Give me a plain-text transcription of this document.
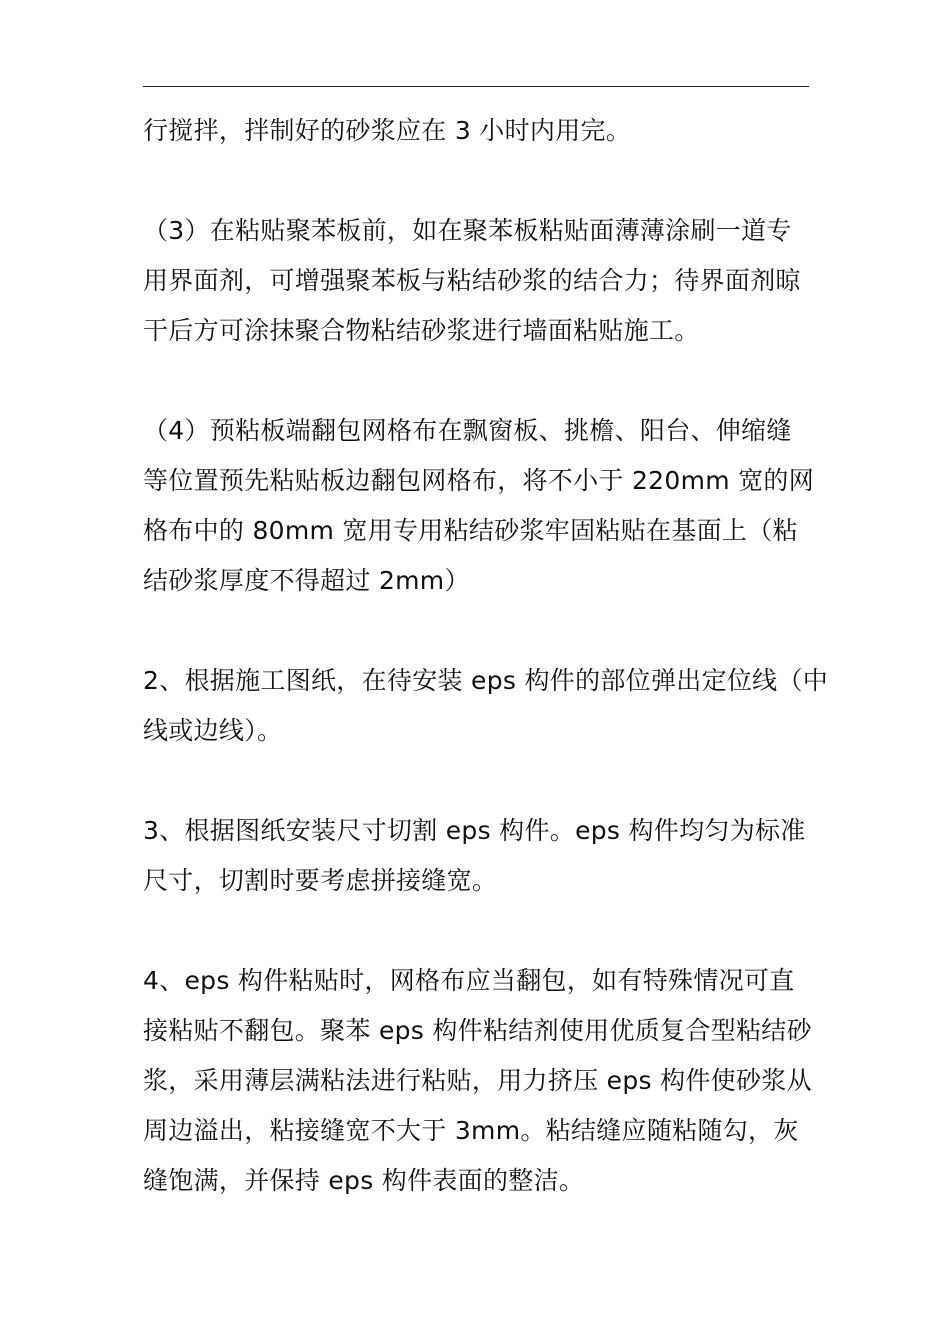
行搅拌，拌制好的砂浆应在 3 小时内用完。

（3）在粘贴聚苯板前，如在聚苯板粘贴面薄薄涂刷一道专
用界面剂，可增强聚苯板与粘结砂浆的结合力；待界面剂晾
干后方可涂抹聚合物粘结砂浆进行墙面粘贴施工。

（4）预粘板端翻包网格布在飘窗板、挑檐、阳台、伸缩缝
等位置预先粘贴板边翻包网格布，将不小于 220mm 宽的网
格布中的 80mm 宽用专用粘结砂浆牢固粘贴在基面上（粘
结砂浆厚度不得超过 2mm）

2、根据施工图纸，在待安装 eps 构件的部位弹出定位线（中
线或边线）。

3、根据图纸安装尺寸切割 eps 构件。eps 构件均匀为标准
尺寸，切割时要考虑拼接缝宽。

4、eps 构件粘贴时，网格布应当翻包，如有特殊情况可直
接粘贴不翻包。聚苯 eps 构件粘结剂使用优质复合型粘结砂
浆，采用薄层满粘法进行粘贴，用力挤压 eps 构件使砂浆从
周边溢出，粘接缝宽不大于 3mm。粘结缝应随粘随勾，灰
缝饱满，并保持 eps 构件表面的整洁。
